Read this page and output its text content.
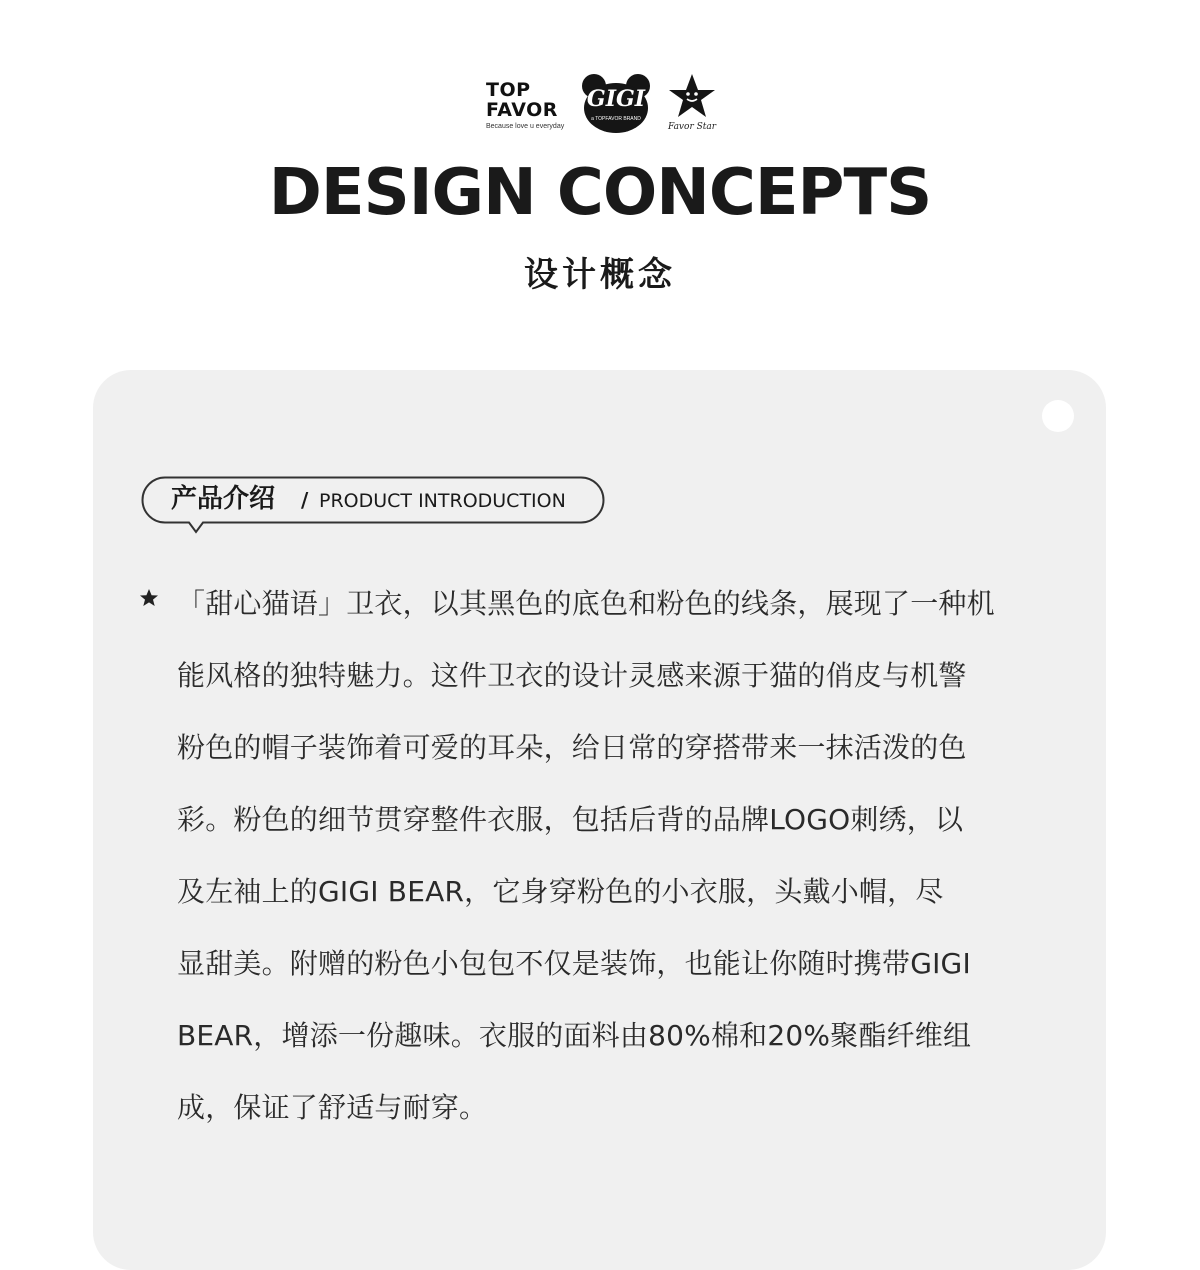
TOP
FAVOR
Because love u everyday
GIGI
a TOPFAVOR BRAND
Favor Star
DESIGN CONCEPTS
设计概念
产品介绍 / PRODUCT INTRODUCTION
「甜心猫语」卫衣，以其黑色的底色和粉色的线条，展现了一种机
能风格的独特魅力。这件卫衣的设计灵感来源于猫的俏皮与机警
粉色的帽子装饰着可爱的耳朵，给日常的穿搭带来一抹活泼的色
彩。粉色的细节贯穿整件衣服，包括后背的品牌LOGO刺绣，以
及左袖上的GIGI BEAR，它身穿粉色的小衣服，头戴小帽，尽
显甜美。附赠的粉色小包包不仅是装饰，也能让你随时携带GIGI
BEAR，增添一份趣味。衣服的面料由80%棉和20%聚酯纤维组
成，保证了舒适与耐穿。
